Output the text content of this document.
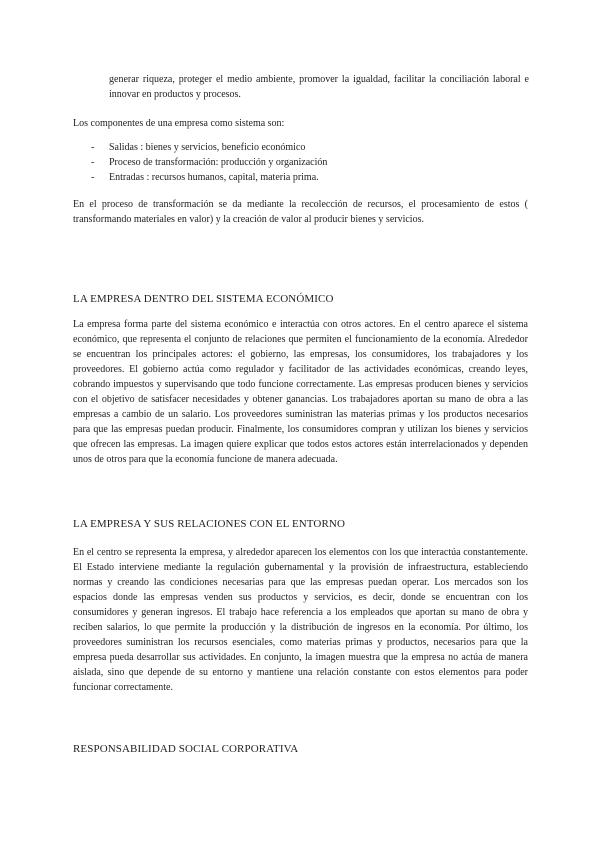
generar riqueza, proteger el medio ambiente, promover la igualdad, facilitar la conciliación laboral e innovar en productos y procesos.

Los componentes de una empresa como sistema son:

- Salidas : bienes y servicios, beneficio económico
- Proceso de transformación: producción y organización
- Entradas : recursos humanos, capital, materia prima.

En el proceso de transformación se da mediante la recolección de recursos, el procesamiento de estos ( transformando materiales en valor) y la creación de valor al producir bienes y servicios.

LA EMPRESA DENTRO DEL SISTEMA ECONÓMICO

La empresa forma parte del sistema económico e interactúa con otros actores. En el centro aparece el sistema económico, que representa el conjunto de relaciones que permiten el funcionamiento de la economía. Alrededor se encuentran los principales actores: el gobierno, las empresas, los consumidores, los trabajadores y los proveedores. El gobierno actúa como regulador y facilitador de las actividades económicas, creando leyes, cobrando impuestos y supervisando que todo funcione correctamente. Las empresas producen bienes y servicios con el objetivo de satisfacer necesidades y obtener ganancias. Los trabajadores aportan su mano de obra a las empresas a cambio de un salario. Los proveedores suministran las materias primas y los productos necesarios para que las empresas puedan producir. Finalmente, los consumidores compran y utilizan los bienes y servicios que ofrecen las empresas. La imagen quiere explicar que todos estos actores están interrelacionados y dependen unos de otros para que la economía funcione de manera adecuada.

LA EMPRESA Y SUS RELACIONES CON EL ENTORNO

En el centro se representa la empresa, y alrededor aparecen los elementos con los que interactúa constantemente. El Estado interviene mediante la regulación gubernamental y la provisión de infraestructura, estableciendo normas y creando las condiciones necesarias para que las empresas puedan operar. Los mercados son los espacios donde las empresas venden sus productos y servicios, es decir, donde se encuentran con los consumidores y generan ingresos. El trabajo hace referencia a los empleados que aportan su mano de obra y reciben salarios, lo que permite la producción y la distribución de ingresos en la economía. Por último, los proveedores suministran los recursos esenciales, como materias primas y productos, necesarios para que la empresa pueda desarrollar sus actividades. En conjunto, la imagen muestra que la empresa no actúa de manera aislada, sino que depende de su entorno y mantiene una relación constante con estos elementos para poder funcionar correctamente.

RESPONSABILIDAD SOCIAL CORPORATIVA
